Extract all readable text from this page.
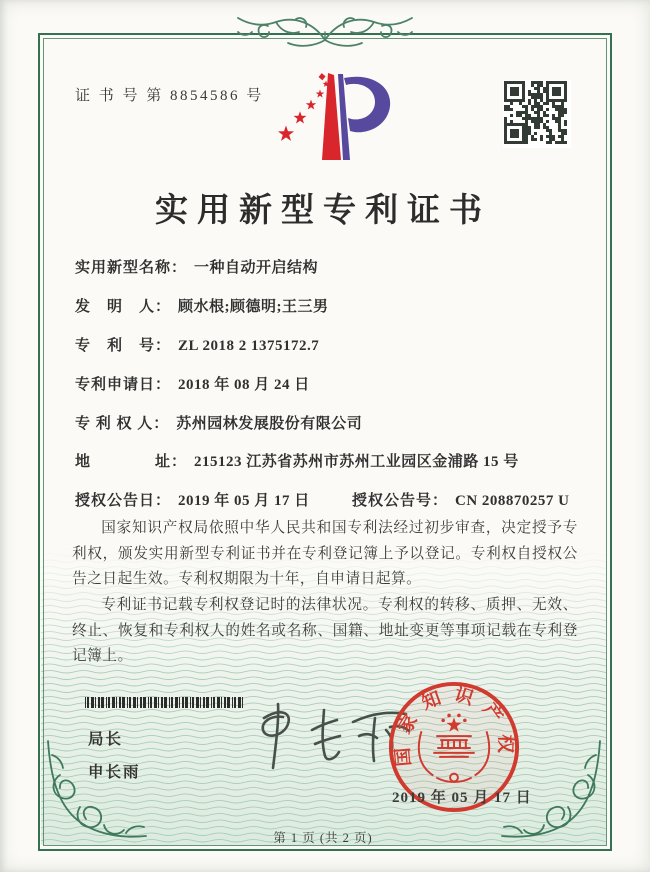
证 书 号 第 8854586 号
实用新型专利证书
实用新型名称： 一种自动开启结构
发　明　人： 顾水根;顾德明;王三男
专　利　号： ZL 2018 2 1375172.7
专利申请日： 2018 年 08 月 24 日
专 利 权 人： 苏州园林发展股份有限公司
地　　　　址： 215123 江苏省苏州市苏州工业园区金浦路 15 号
授权公告日： 2019 年 05 月 17 日	授权公告号： CN 208870257 U

国家知识产权局依照中华人民共和国专利法经过初步审查，决定授予专利权，颁发实用新型专利证书并在专利登记簿上予以登记。专利权自授权公告之日起生效。专利权期限为十年，自申请日起算。

专利证书记载专利权登记时的法律状况。专利权的转移、质押、无效、终止、恢复和专利权人的姓名或名称、国籍、地址变更等事项记载在专利登记簿上。

局长
申长雨
国家知识产权局
2019 年 05 月 17 日
第 1 页 (共 2 页)
